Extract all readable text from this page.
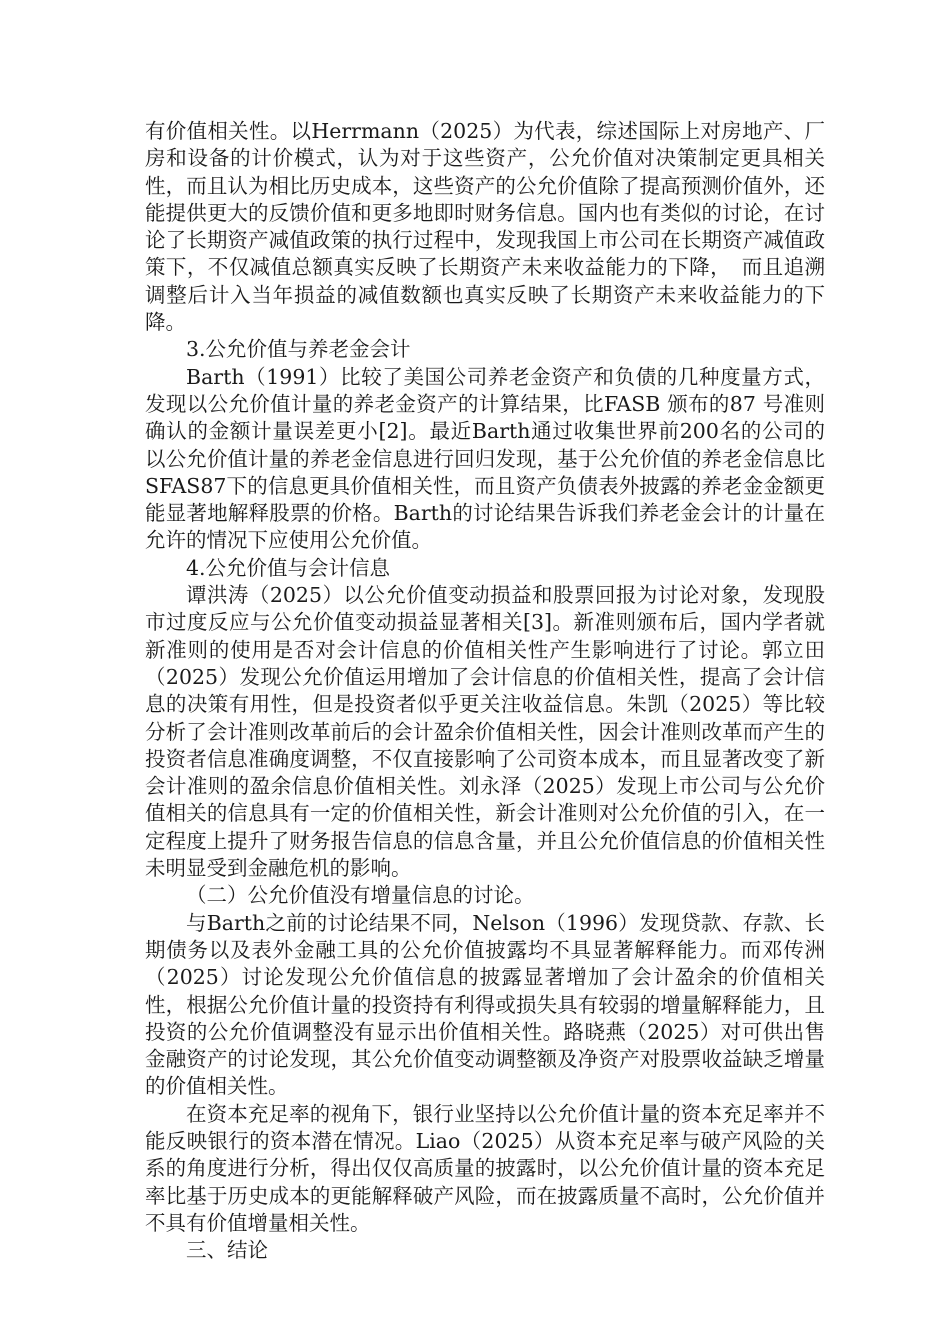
有价值相关性。以Herrmann（2025）为代表，综述国际上对房地产、厂房和设备的计价模式，认为对于这些资产，公允价值对决策制定更具相关性，而且认为相比历史成本，这些资产的公允价值除了提高预测价值外，还能提供更大的反馈价值和更多地即时财务信息。国内也有类似的讨论，在讨论了长期资产减值政策的执行过程中，发现我国上市公司在长期资产减值政策下，不仅减值总额真实反映了长期资产未来收益能力的下降，　而且追溯调整后计入当年损益的减值数额也真实反映了长期资产未来收益能力的下降。

3.公允价值与养老金会计

Barth（1991）比较了美国公司养老金资产和负债的几种度量方式，发现以公允价值计量的养老金资产的计算结果，比FASB 颁布的87 号准则确认的金额计量误差更小[2]。最近Barth通过收集世界前200名的公司的以公允价值计量的养老金信息进行回归发现，基于公允价值的养老金信息比SFAS87下的信息更具价值相关性，而且资产负债表外披露的养老金金额更能显著地解释股票的价格。Barth的讨论结果告诉我们养老金会计的计量在允许的情况下应使用公允价值。

4.公允价值与会计信息

谭洪涛（2025）以公允价值变动损益和股票回报为讨论对象，发现股市过度反应与公允价值变动损益显著相关[3]。新准则颁布后，国内学者就新准则的使用是否对会计信息的价值相关性产生影响进行了讨论。郭立田（2025）发现公允价值运用增加了会计信息的价值相关性，提高了会计信息的决策有用性，但是投资者似乎更关注收益信息。朱凯（2025）等比较分析了会计准则改革前后的会计盈余价值相关性，因会计准则改革而产生的投资者信息准确度调整，不仅直接影响了公司资本成本，而且显著改变了新会计准则的盈余信息价值相关性。刘永泽（2025）发现上市公司与公允价值相关的信息具有一定的价值相关性，新会计准则对公允价值的引入，在一定程度上提升了财务报告信息的信息含量，并且公允价值信息的价值相关性未明显受到金融危机的影响。

（二）公允价值没有增量信息的讨论。

与Barth之前的讨论结果不同，Nelson（1996）发现贷款、存款、长期债务以及表外金融工具的公允价值披露均不具显著解释能力。而邓传洲（2025）讨论发现公允价值信息的披露显著增加了会计盈余的价值相关性，根据公允价值计量的投资持有利得或损失具有较弱的增量解释能力，且投资的公允价值调整没有显示出价值相关性。路晓燕（2025）对可供出售金融资产的讨论发现，其公允价值变动调整额及净资产对股票收益缺乏增量的价值相关性。

在资本充足率的视角下，银行业坚持以公允价值计量的资本充足率并不能反映银行的资本潜在情况。Liao（2025）从资本充足率与破产风险的关系的角度进行分析，得出仅仅高质量的披露时，以公允价值计量的资本充足率比基于历史成本的更能解释破产风险，而在披露质量不高时，公允价值并不具有价值增量相关性。

三、结论
